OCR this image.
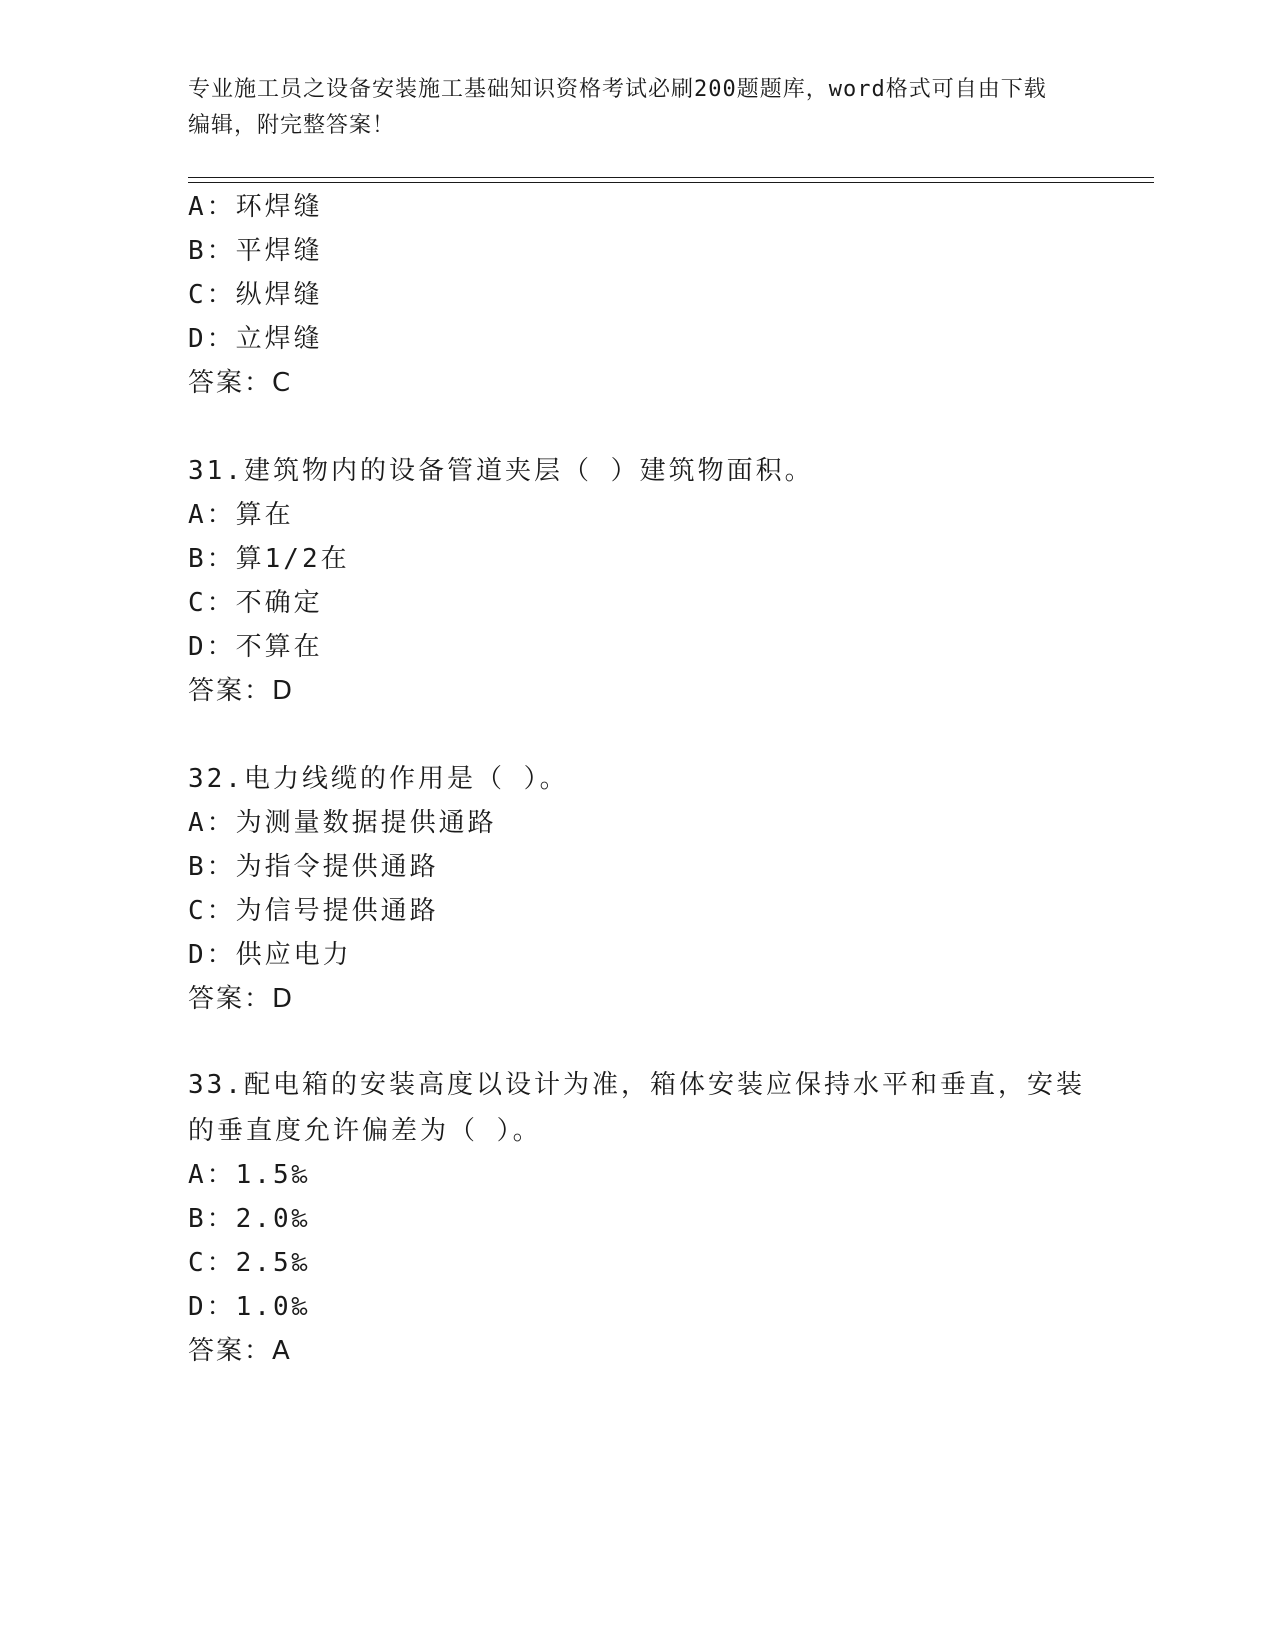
专业施工员之设备安装施工基础知识资格考试必刷200题题库，word格式可自由下载编辑，附完整答案！
A：环焊缝
B：平焊缝
C：纵焊缝
D：立焊缝
答案：C
31.建筑物内的设备管道夹层（ ）建筑物面积。
A：算在
B：算1/2在
C：不确定
D：不算在
答案：D
32.电力线缆的作用是（ ）。
A：为测量数据提供通路
B：为指令提供通路
C：为信号提供通路
D：供应电力
答案：D
33.配电箱的安装高度以设计为准，箱体安装应保持水平和垂直，安装的垂直度允许偏差为（ ）。
A：1.5‰
B：2.0‰
C：2.5‰
D：1.0‰
答案：A
